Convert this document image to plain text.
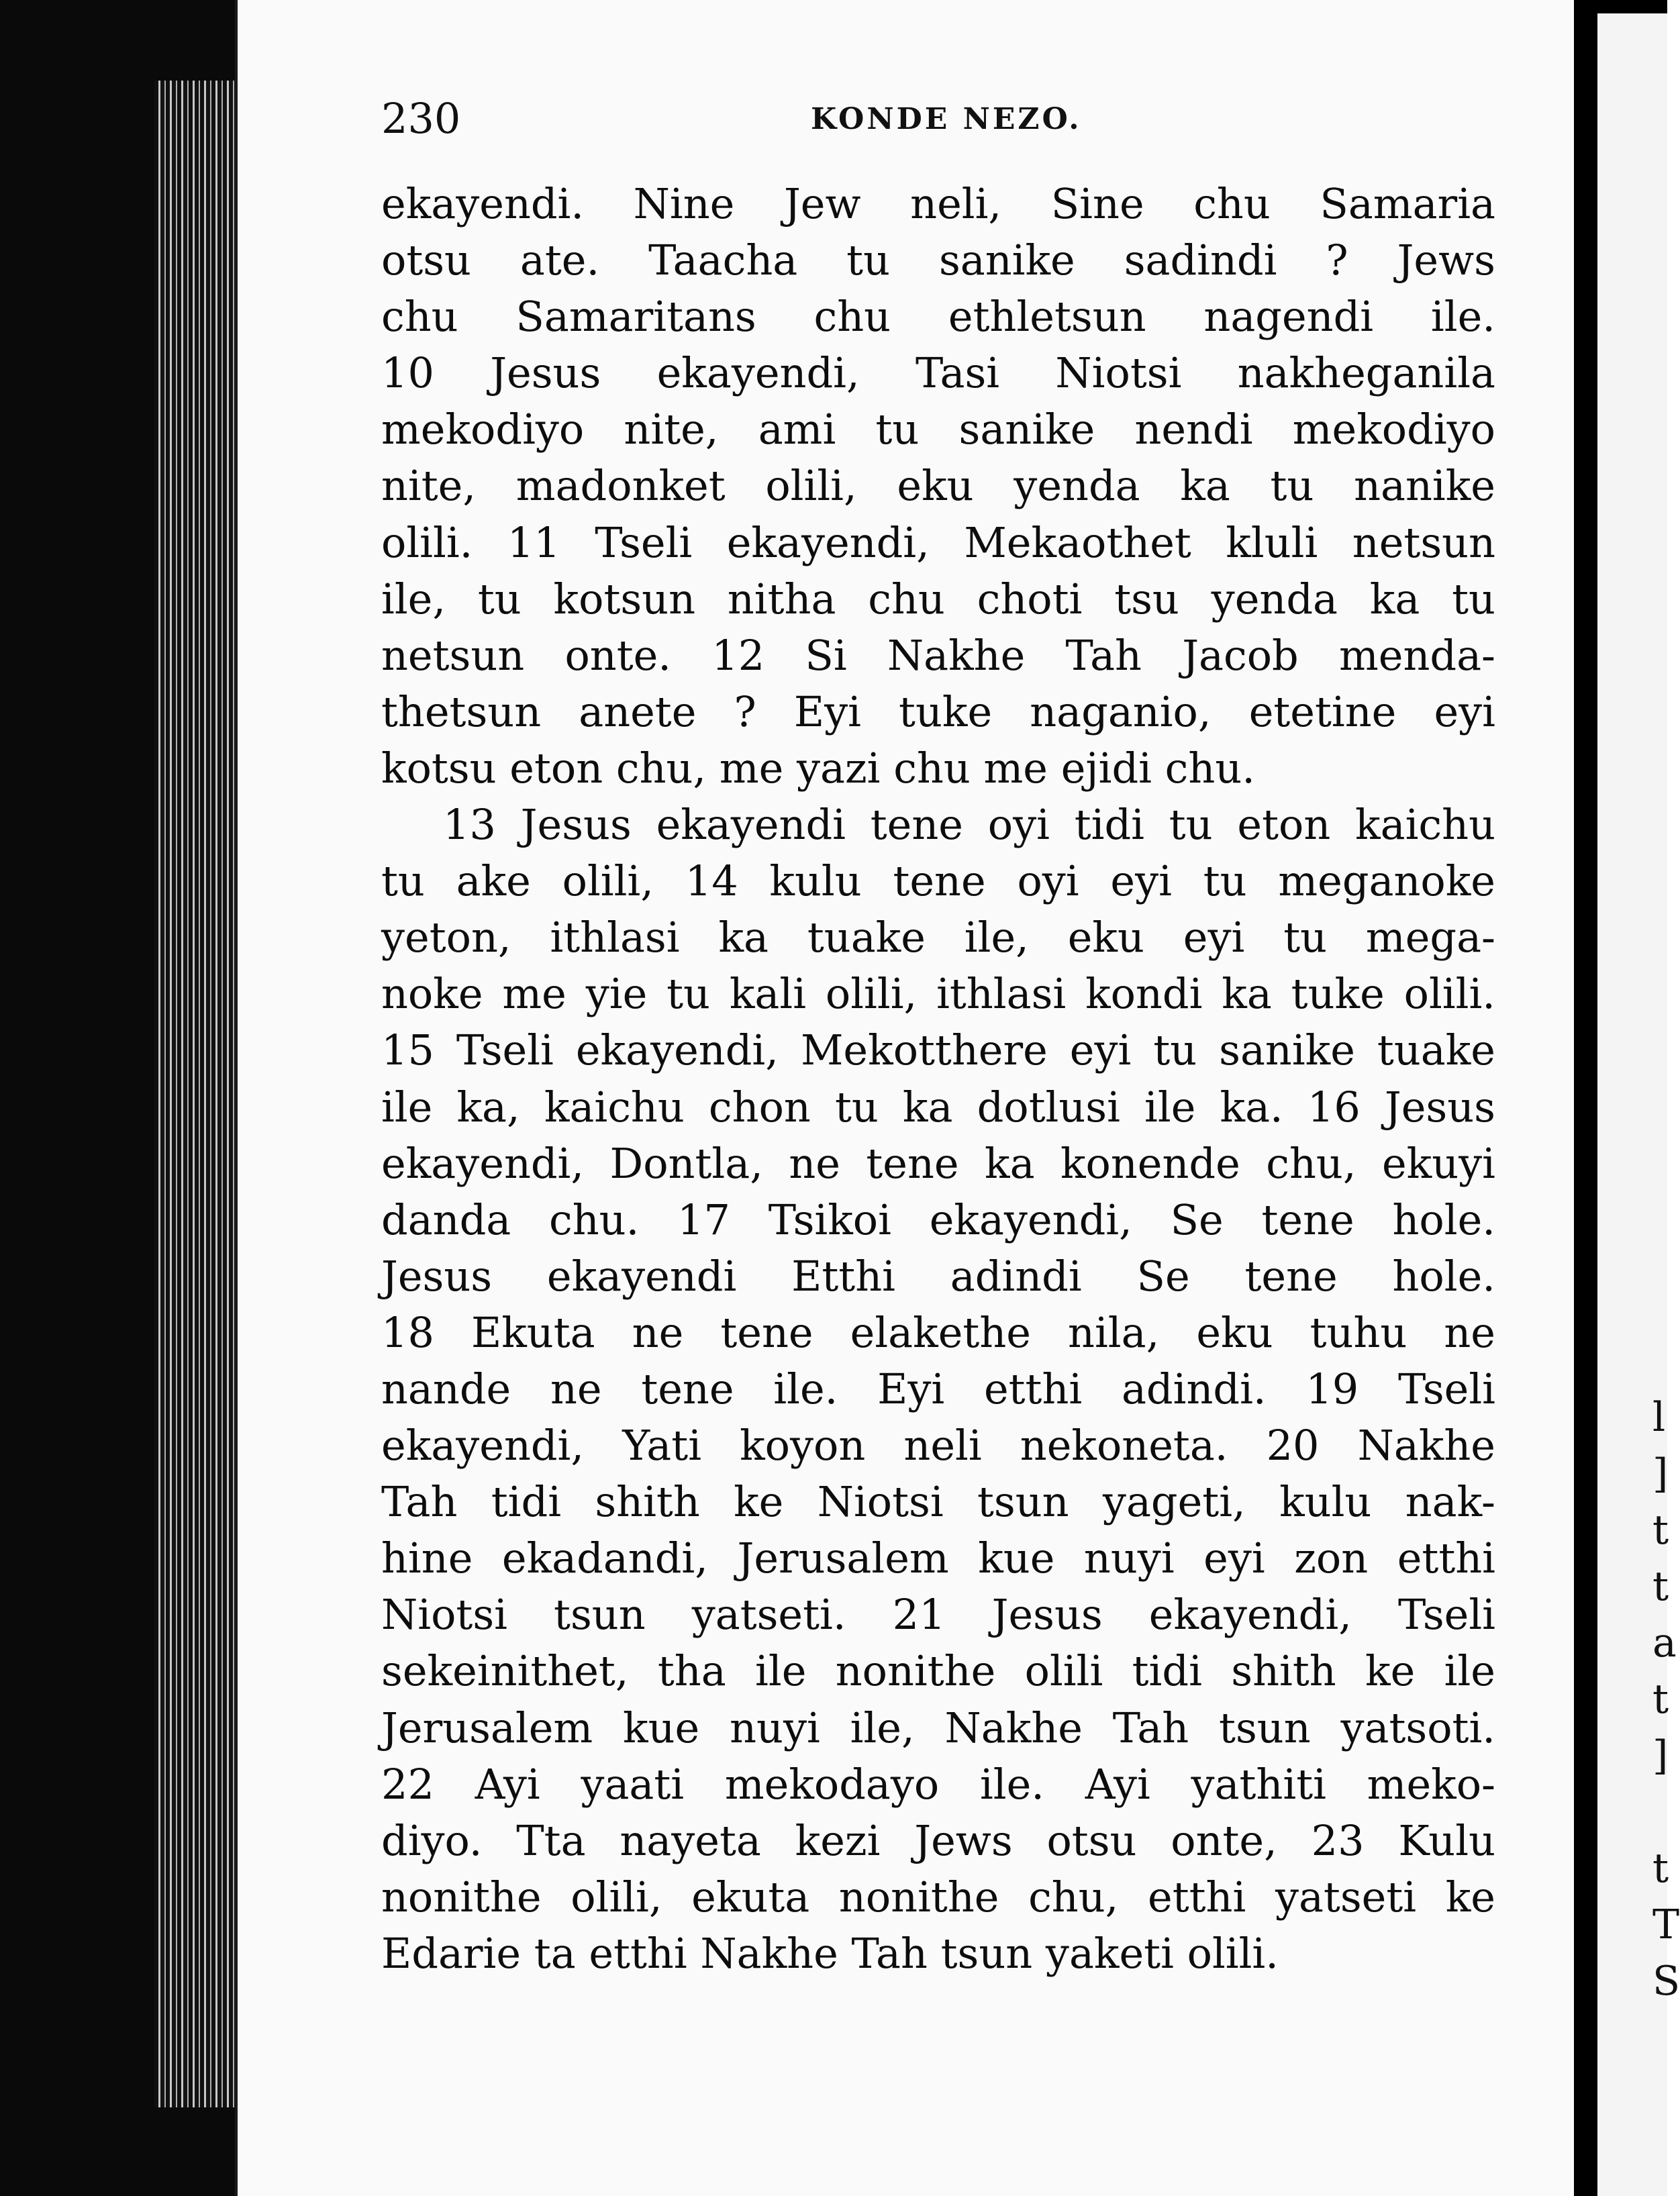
l
]
t
t
a
t
]

t
T
S
230	KONDE NEZO.
ekayendi. Nine Jew neli, Sine chu Samaria
otsu ate. Taacha tu sanike sadindi ? Jews
chu Samaritans chu ethletsun nagendi ile.
10 Jesus ekayendi, Tasi Niotsi nakheganila
mekodiyo nite, ami tu sanike nendi mekodiyo
nite, madonket olili, eku yenda ka tu nanike
olili. 11 Tseli ekayendi, Mekaothet kluli netsun
ile, tu kotsun nitha chu choti tsu yenda ka tu
netsun onte. 12 Si Nakhe Tah Jacob menda-
thetsun anete ? Eyi tuke naganio, etetine eyi
kotsu eton chu, me yazi chu me ejidi chu.
13 Jesus ekayendi tene oyi tidi tu eton kaichu
tu ake olili, 14 kulu tene oyi eyi tu meganoke
yeton, ithlasi ka tuake ile, eku eyi tu mega-
noke me yie tu kali olili, ithlasi kondi ka tuke olili.
15 Tseli ekayendi, Mekotthere eyi tu sanike tuake
ile ka, kaichu chon tu ka dotlusi ile ka. 16 Jesus
ekayendi, Dontla, ne tene ka konende chu, ekuyi
danda chu. 17 Tsikoi ekayendi, Se tene hole.
Jesus ekayendi Etthi adindi Se tene hole.
18 Ekuta ne tene elakethe nila, eku tuhu ne
nande ne tene ile. Eyi etthi adindi. 19 Tseli
ekayendi, Yati koyon neli nekoneta. 20 Nakhe
Tah tidi shith ke Niotsi tsun yageti, kulu nak-
hine ekadandi, Jerusalem kue nuyi eyi zon etthi
Niotsi tsun yatseti. 21 Jesus ekayendi, Tseli
sekeinithet, tha ile nonithe olili tidi shith ke ile
Jerusalem kue nuyi ile, Nakhe Tah tsun yatsoti.
22 Ayi yaati mekodayo ile. Ayi yathiti meko-
diyo. Tta nayeta kezi Jews otsu onte, 23 Kulu
nonithe olili, ekuta nonithe chu, etthi yatseti ke
Edarie ta etthi Nakhe Tah tsun yaketi olili.
